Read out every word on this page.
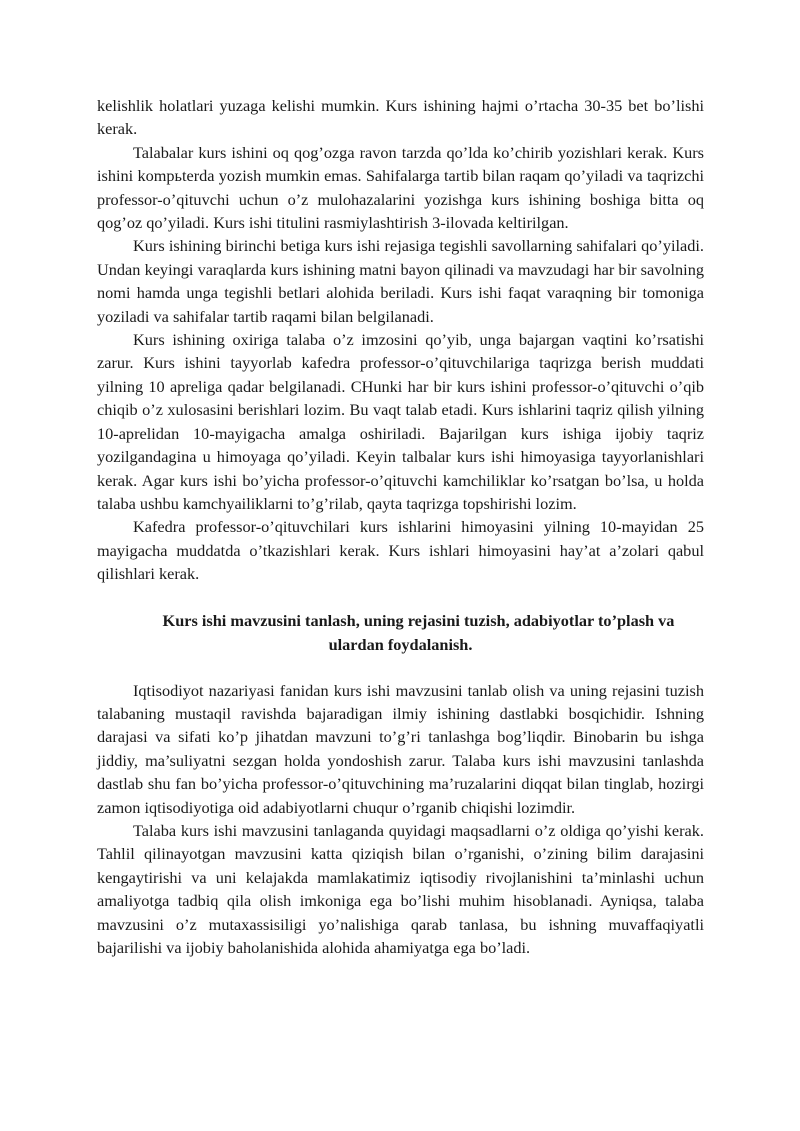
kelishlik holatlari yuzaga kelishi mumkin. Kurs ishining hajmi o’rtacha 30-35 bet bo’lishi kerak.

Talabalar kurs ishini oq qog’ozga ravon tarzda qo’lda ko’chirib yozishlari kerak. Kurs ishini kompьterda yozish mumkin emas. Sahifalarga tartib bilan raqam qo’yiladi va taqrizchi professor-o’qituvchi uchun o’z mulohazalarini yozishga kurs ishining boshiga bitta oq qog’oz qo’yiladi. Kurs ishi titulini rasmiylashtirish 3-ilovada keltirilgan.

Kurs ishining birinchi betiga kurs ishi rejasiga tegishli savollarning sahifalari qo’yiladi. Undan keyingi varaqlarda kurs ishining matni bayon qilinadi va mavzudagi har bir savolning nomi hamda unga tegishli betlari alohida beriladi. Kurs ishi faqat varaqning bir tomoniga yoziladi va sahifalar tartib raqami bilan belgilanadi.

Kurs ishining oxiriga talaba o’z imzosini qo’yib, unga bajargan vaqtini ko’rsatishi zarur. Kurs ishini tayyorlab kafedra professor-o’qituvchilariga taqrizga berish muddati yilning 10 apreliga qadar belgilanadi. CHunki har bir kurs ishini professor-o’qituvchi o’qib chiqib o’z xulosasini berishlari lozim. Bu vaqt talab etadi. Kurs ishlarini taqriz qilish yilning 10-aprelidan 10-mayigacha amalga oshiriladi. Bajarilgan kurs ishiga ijobiy taqriz yozilgandagina u himoyaga qo’yiladi. Keyin talbalar kurs ishi himoyasiga tayyorlanishlari kerak. Agar kurs ishi bo’yicha professor-o’qituvchi kamchiliklar ko’rsatgan bo’lsa, u holda talaba ushbu kamchyailiklarni to’g’rilab, qayta taqrizga topshirishi lozim.

Kafedra professor-o’qituvchilari kurs ishlarini himoyasini yilning 10-mayidan 25 mayigacha muddatda o’tkazishlari kerak. Kurs ishlari himoyasini hay’at a’zolari qabul qilishlari kerak.

Kurs ishi mavzusini tanlash, uning rejasini tuzish, adabiyotlar to’plash va ulardan foydalanish.

Iqtisodiyot nazariyasi fanidan kurs ishi mavzusini tanlab olish va uning rejasini tuzish talabaning mustaqil ravishda bajaradigan ilmiy ishining dastlabki bosqichidir. Ishning darajasi va sifati ko’p jihatdan mavzuni to’g’ri tanlashga bog’liqdir. Binobarin bu ishga jiddiy, ma’suliyatni sezgan holda yondoshish zarur. Talaba kurs ishi mavzusini tanlashda dastlab shu fan bo’yicha professor-o’qituvchining ma’ruzalarini diqqat bilan tinglab, hozirgi zamon iqtisodiyotiga oid adabiyotlarni chuqur o’rganib chiqishi lozimdir.

Talaba kurs ishi mavzusini tanlaganda quyidagi maqsadlarni o’z oldiga qo’yishi kerak. Tahlil qilinayotgan mavzusini katta qiziqish bilan o’rganishi, o’zining bilim darajasini kengaytirishi va uni kelajakda mamlakatimiz iqtisodiy rivojlanishini ta’minlashi uchun amaliyotga tadbiq qila olish imkoniga ega bo’lishi muhim hisoblanadi. Ayniqsa, talaba mavzusini o’z mutaxassisiligi yo’nalishiga qarab tanlasa, bu ishning muvaffaqiyatli bajarilishi va ijobiy baholanishida alohida ahamiyatga ega bo’ladi.
